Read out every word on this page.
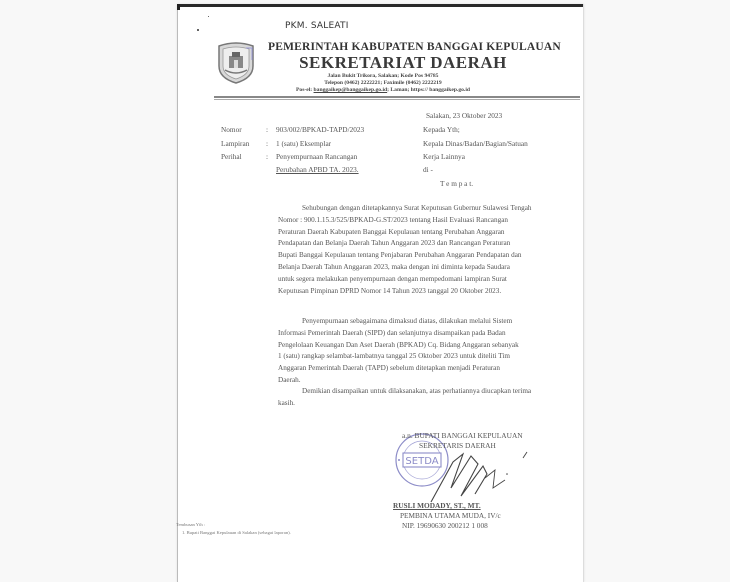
PKM. SALEATI
PEMERINTAH KABUPATEN BANGGAI KEPULAUAN
SEKRETARIAT DAERAH
Jalan Bukit Trikora, Salakan; Kode Pos 94785
Telepon (0462) 2222221; Faximile (0462) 2222219
Pos-el: banggaikep@banggaikep.go.id; Laman; https:// banggaikep.go.id
Salakan, 23 Oktober 2023
Nomor	: 903/002/BPKAD-TAPD/2023
Lampiran : 1 (satu) Eksemplar
Perihal	: Penyempurnaan Rancangan
Perubahan APBD TA. 2023.
Kepada Yth;
Kepala Dinas/Badan/Bagian/Satuan
Kerja Lainnya
di -
T e m p a t.
Sehubungan dengan ditetapkannya Surat Keputusan Gubernur Sulawesi Tengah
Nomor : 900.1.15.3/525/BPKAD-G.ST/2023 tentang Hasil Evaluasi Rancangan
Peraturan Daerah Kabupaten Banggai Kepulauan tentang Perubahan Anggaran
Pendapatan dan Belanja Daerah Tahun Anggaran 2023 dan Rancangan Peraturan
Bupati Banggai Kepulauan tentang Penjabaran Perubahan Anggaran Pendapatan dan
Belanja Daerah Tahun Anggaran 2023, maka dengan ini diminta kepada Saudara
untuk segera melakukan penyempurnaan dengan mempedomani lampiran Surat
Keputusan Pimpinan DPRD Nomor 14 Tahun 2023 tanggal 20 Oktober 2023.
Penyempurnaan sebagaimana dimaksud diatas, dilakukan melalui Sistem
Informasi Pemerintah Daerah (SIPD) dan selanjutnya disampaikan pada Badan
Pengelolaan Keuangan Dan Aset Daerah (BPKAD) Cq. Bidang Anggaran sebanyak
1 (satu) rangkap selambat-lambatnya tanggal 25 Oktober 2023 untuk diteliti Tim
Anggaran Pemerintah Daerah (TAPD) sebelum ditetapkan menjadi Peraturan
Daerah.
Demikian disampaikan untuk dilaksanakan, atas perhatiannya diucapkan terima
kasih.
SETDA
a.n. BUPATI BANGGAI KEPULAUAN
SEKRETARIS DAERAH
RUSLI MODADY, ST., MT.
PEMBINA UTAMA MUDA, IV/c
NIP. 19690630 200212 1 008
Tembusan Yth :
1. Bupati Banggai Kepulauan di Salakan (sebagai laporan).
